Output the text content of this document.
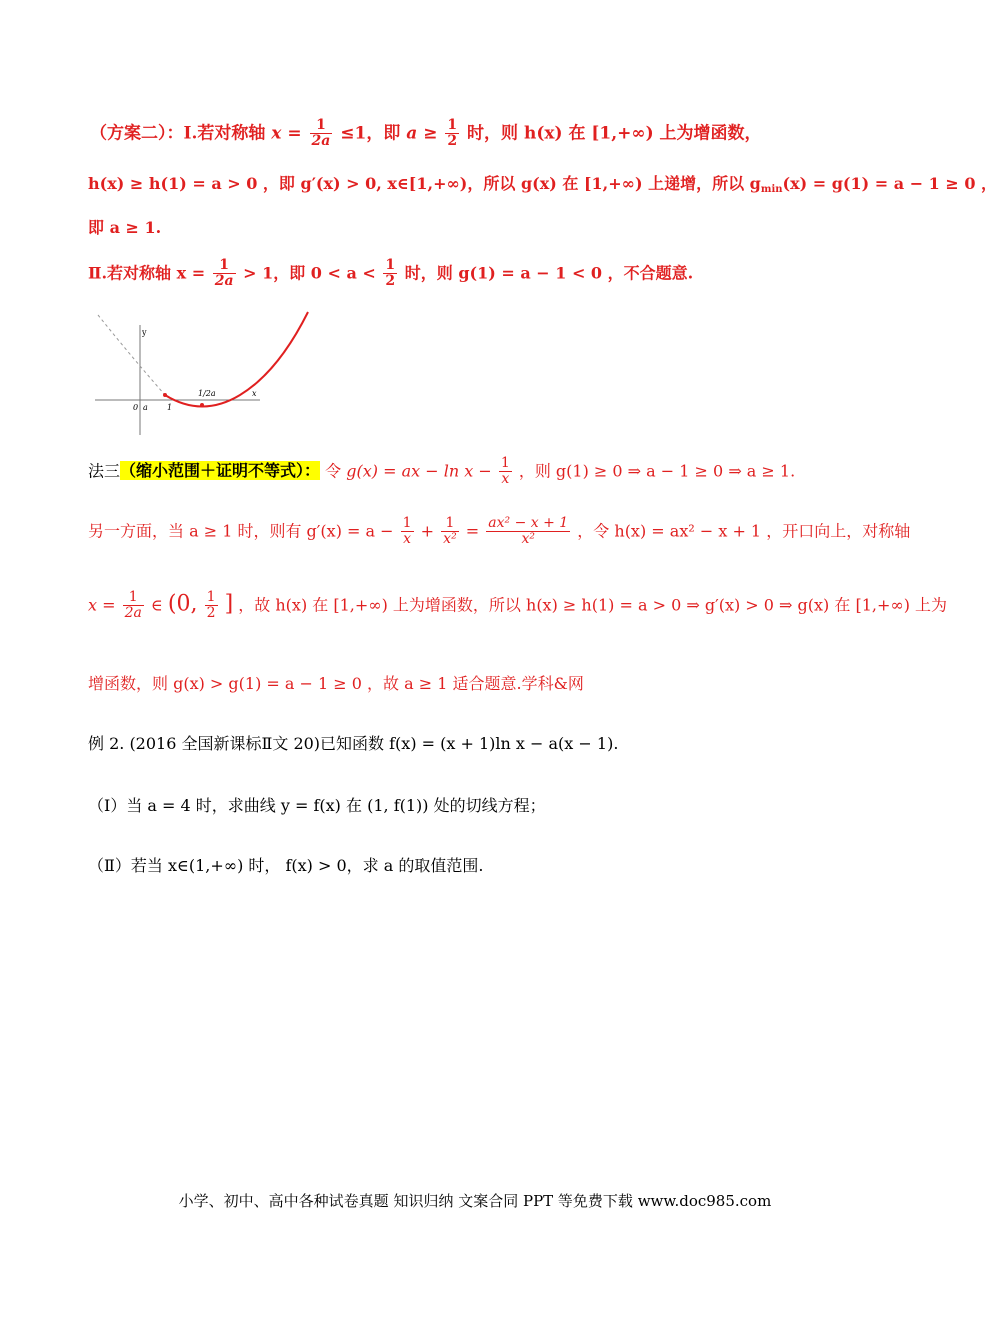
（方案二）：Ⅰ.若对称轴 $x = \frac{1}{2a} \le 1$，即 $a \ge \frac{1}{2}$ 时，则 h(x) 在 [1,+∞) 上为增函数，
h(x) ≥ h(1) = a > 0 ，即 g′(x) > 0, x∈[1,+∞)，所以 g(x) 在 [1,+∞) 上递增，所以 $g_{min}(x) = g(1) = a - 1 \ge 0$ ，
即 a ≥ 1.
Ⅱ.若对称轴 $x = \frac{1}{2a} > 1$，即 $0 < a < \frac{1}{2}$ 时，则 g(1) = a − 1 < 0 ，不合题意.
y
x
0 a 1
1/2a
法三（缩小范围＋证明不等式）： 令 g(x) = ax − $\ln x - \frac{1}{x}$ ，则 g(1) ≥ 0 ⇒ a − 1 ≥ 0 ⇒ a ≥ 1.
另一方面，当 a ≥ 1 时，则有 $g'(x) = a - \frac{1}{x} + \frac{1}{\text{x²}} = \frac{\text{ax² − x + 1}}{\text{x²}}$ ，令 h(x) = ax² − x + 1 ，开口向上，对称轴
$x = \frac{1}{2a}$ ∈ (0, $\frac{1}{2}$ ] ，故 h(x) 在 [1,+∞) 上为增函数，所以 h(x) ≥ h(1) = a > 0 ⇒ g′(x) > 0 ⇒ g(x) 在 [1,+∞) 上为
增函数，则 g(x) > g(1) = a − 1 ≥ 0 ，故 a ≥ 1 适合题意.学科&网
例 2. (2016 全国新课标Ⅱ文 20)已知函数 f(x) = (x + 1)ln x − a(x − 1).
（Ⅰ）当 a = 4 时，求曲线 y = f(x) 在 (1, f(1)) 处的切线方程；
（Ⅱ）若当 x∈(1,+∞) 时， f(x) > 0，求 a 的取值范围.
小学、初中、高中各种试卷真题 知识归纳 文案合同 PPT 等免费下载 www.doc985.com
